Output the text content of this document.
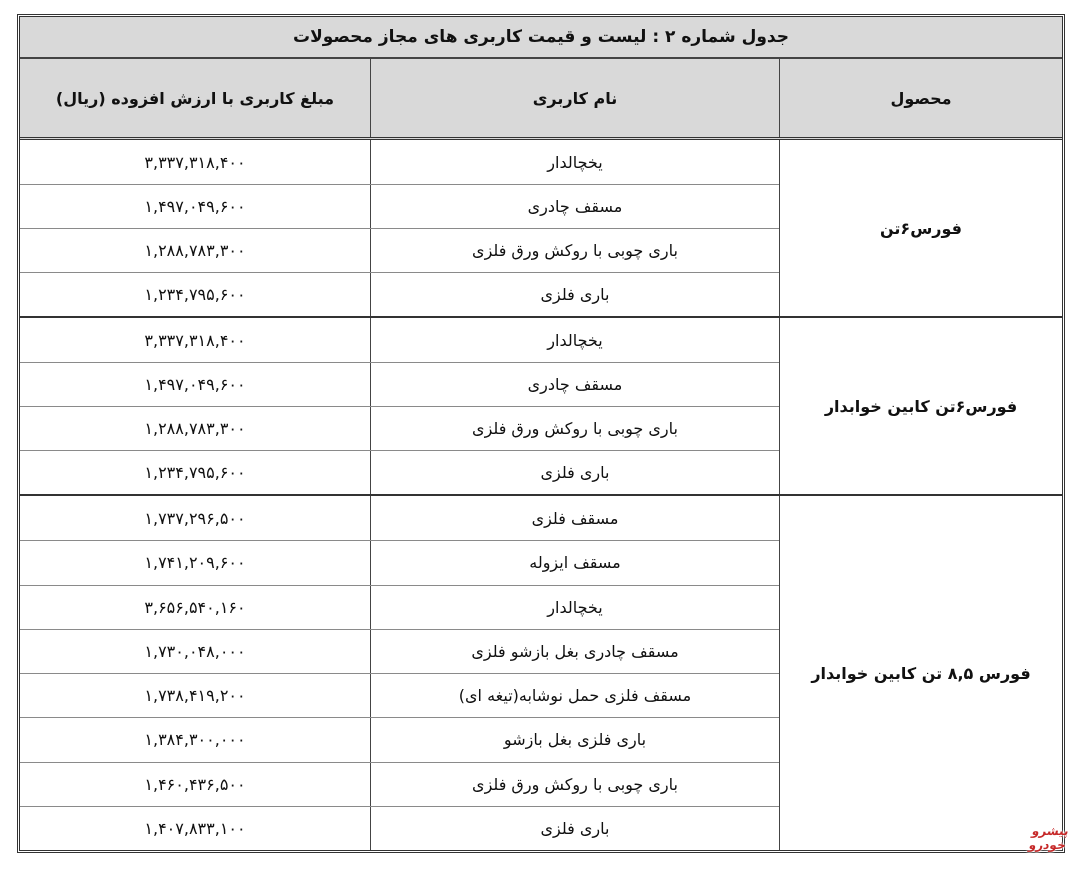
جدول شماره ۲ : لیست و قیمت کاربری های مجاز محصولات
محصول
نام کاربری
مبلغ کاربری با ارزش افزوده (ریال)
فورس۶تن
یخچالدار
۳,۳۳۷,۳۱۸,۴۰۰
مسقف چادری
۱,۴۹۷,۰۴۹,۶۰۰
باری چوبی با روکش ورق فلزی
۱,۲۸۸,۷۸۳,۳۰۰
باری فلزی
۱,۲۳۴,۷۹۵,۶۰۰
فورس۶تن کابین خوابدار
یخچالدار
۳,۳۳۷,۳۱۸,۴۰۰
مسقف چادری
۱,۴۹۷,۰۴۹,۶۰۰
باری چوبی با روکش ورق فلزی
۱,۲۸۸,۷۸۳,۳۰۰
باری فلزی
۱,۲۳۴,۷۹۵,۶۰۰
فورس ۸,۵ تن کابین خوابدار
مسقف فلزی
۱,۷۳۷,۲۹۶,۵۰۰
مسقف ایزوله
۱,۷۴۱,۲۰۹,۶۰۰
یخچالدار
۳,۶۵۶,۵۴۰,۱۶۰
مسقف چادری بغل بازشو فلزی
۱,۷۳۰,۰۴۸,۰۰۰
مسقف فلزی حمل نوشابه(تیغه ای)
۱,۷۳۸,۴۱۹,۲۰۰
باری فلزی بغل بازشو
۱,۳۸۴,۳۰۰,۰۰۰
باری چوبی با روکش ورق فلزی
۱,۴۶۰,۴۳۶,۵۰۰
باری فلزی
۱,۴۰۷,۸۳۳,۱۰۰	پیشرو
خودرو
